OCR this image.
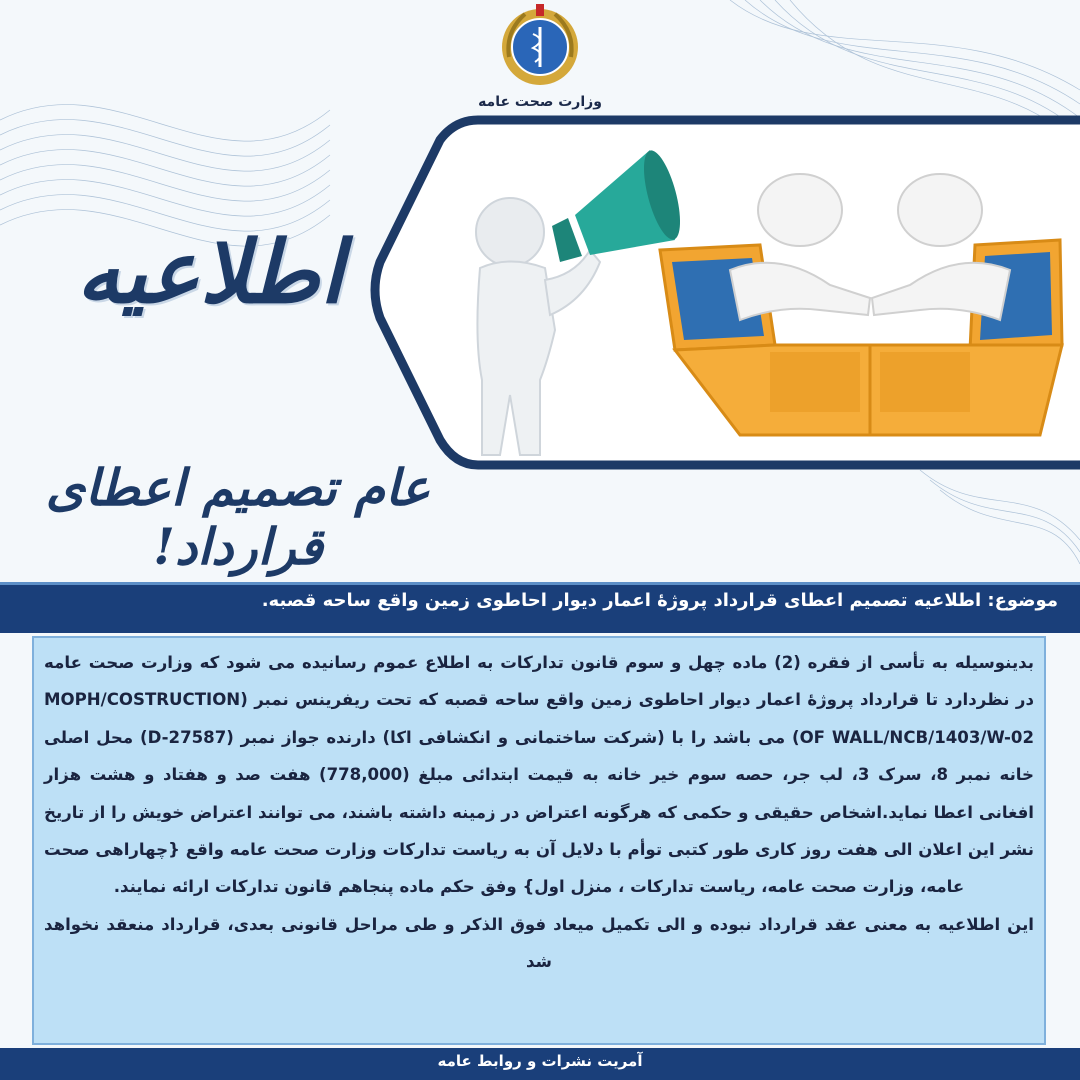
وزارت صحت عامه
اطلاعیه
عام تصمیم اعطای قرارداد!
موضوع: اطلاعیه تصمیم اعطای قرارداد پروژۀ اعمار دیوار احاطوی زمین واقع ساحه قصبه.

بدینوسیله به تأسی از فقره (2) ماده چهل و سوم قانون تدارکات به اطلاع عموم رسانیده می شود که وزارت صحت عامه در نظردارد تا قرارداد پروژۀ اعمار دیوار احاطوی زمین واقع ساحه قصبه که تحت ریفرینس نمبر (MOPH/COSTRUCTION OF WALL/NCB/1403/W-02) می باشد را با (شرکت ساختمانی و انکشافی اکا) دارنده جواز نمبر (D-27587) محل اصلی خانه نمبر 8، سرک 3، لب جر، حصه سوم خیر خانه به قیمت ابتدائی مبلغ (778,000) هفت صد و هفتاد و هشت هزار افغانی اعطا نماید.اشخاص حقیقی و حکمی که هرگونه اعتراض در زمینه داشته باشند، می توانند اعتراض خویش را از تاریخ نشر این اعلان الی هفت روز کاری طور کتبی توأم با دلایل آن به ریاست تدارکات وزارت صحت عامه واقع {چهاراهی صحت عامه، وزارت صحت عامه، ریاست تدارکات ، منزل اول} وفق حکم ماده پنجاهم قانون تدارکات ارائه نمایند.

این اطلاعیه به معنی عقد قرارداد نبوده و الی تکمیل میعاد فوق الذکر و طی مراحل قانونی بعدی، قرارداد منعقد نخواهد شد

آمریت نشرات و روابط عامه
